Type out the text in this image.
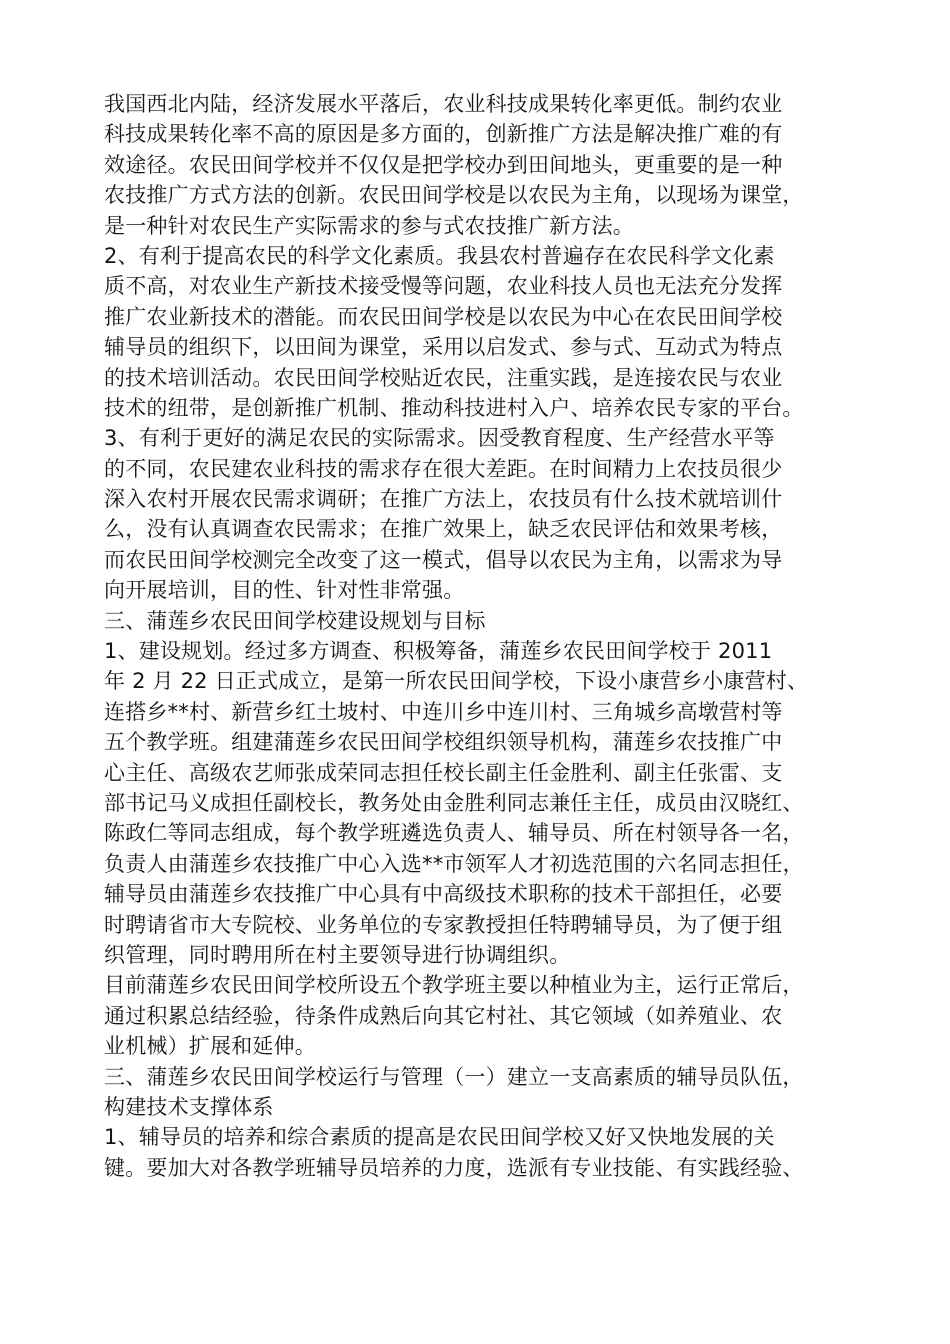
我国西北内陆，经济发展水平落后，农业科技成果转化率更低。制约农业
科技成果转化率不高的原因是多方面的，创新推广方法是解决推广难的有
效途径。农民田间学校并不仅仅是把学校办到田间地头，更重要的是一种
农技推广方式方法的创新。农民田间学校是以农民为主角，以现场为课堂，
是一种针对农民生产实际需求的参与式农技推广新方法。
2、有利于提高农民的科学文化素质。我县农村普遍存在农民科学文化素
质不高，对农业生产新技术接受慢等问题，农业科技人员也无法充分发挥
推广农业新技术的潜能。而农民田间学校是以农民为中心在农民田间学校
辅导员的组织下，以田间为课堂，采用以启发式、参与式、互动式为特点
的技术培训活动。农民田间学校贴近农民，注重实践，是连接农民与农业
技术的纽带，是创新推广机制、推动科技进村入户、培养农民专家的平台。
3、有利于更好的满足农民的实际需求。因受教育程度、生产经营水平等
的不同，农民建农业科技的需求存在很大差距。在时间精力上农技员很少
深入农村开展农民需求调研；在推广方法上，农技员有什么技术就培训什
么，没有认真调查农民需求；在推广效果上，缺乏农民评估和效果考核，
而农民田间学校测完全改变了这一模式，倡导以农民为主角，以需求为导
向开展培训，目的性、针对性非常强。
三、蒲莲乡农民田间学校建设规划与目标
1、建设规划。经过多方调查、积极筹备，蒲莲乡农民田间学校于 2011
年 2 月 22 日正式成立，是第一所农民田间学校，下设小康营乡小康营村、
连搭乡**村、新营乡红土坡村、中连川乡中连川村、三角城乡高墩营村等
五个教学班。组建蒲莲乡农民田间学校组织领导机构，蒲莲乡农技推广中
心主任、高级农艺师张成荣同志担任校长副主任金胜利、副主任张雷、支
部书记马义成担任副校长，教务处由金胜利同志兼任主任，成员由汉晓红、
陈政仁等同志组成，每个教学班遴选负责人、辅导员、所在村领导各一名，
负责人由蒲莲乡农技推广中心入选**市领军人才初选范围的六名同志担任，
辅导员由蒲莲乡农技推广中心具有中高级技术职称的技术干部担任，必要
时聘请省市大专院校、业务单位的专家教授担任特聘辅导员，为了便于组
织管理，同时聘用所在村主要领导进行协调组织。
目前蒲莲乡农民田间学校所设五个教学班主要以种植业为主，运行正常后，
通过积累总结经验，待条件成熟后向其它村社、其它领域（如养殖业、农
业机械）扩展和延伸。
三、蒲莲乡农民田间学校运行与管理（一）建立一支高素质的辅导员队伍，
构建技术支撑体系
1、辅导员的培养和综合素质的提高是农民田间学校又好又快地发展的关
键。要加大对各教学班辅导员培养的力度，选派有专业技能、有实践经验、
